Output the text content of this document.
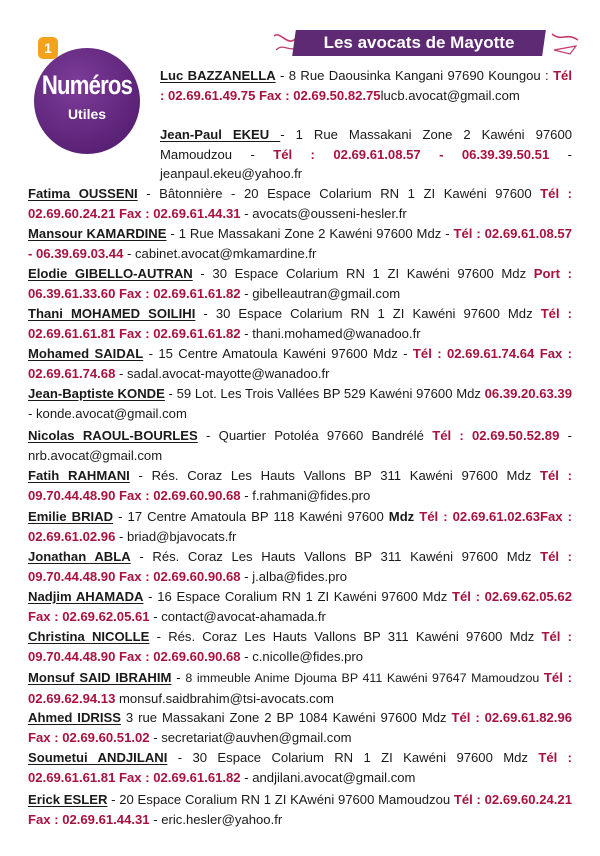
1
Numéros
Utiles
Les avocats de Mayotte
Luc BAZZANELLA - 8 Rue Daousinka Kangani 97690 Koungou : Tél : 02.69.61.49.75 Fax : 02.69.50.82.75lucb.avocat@gmail.com
Jean-Paul EKEU - 1 Rue Massakani Zone 2 Kawéni 97600 Mamoudzou - Tél : 02.69.61.08.57 - 06.39.39.50.51 - jeanpaul.ekeu@yahoo.fr
Fatima OUSSENI - Bâtonnière - 20 Espace Colarium RN 1 ZI Kawéni 97600 Tél : 02.69.60.24.21 Fax : 02.69.61.44.31 - avocats@ousseni-hesler.fr
Mansour KAMARDINE - 1 Rue Massakani Zone 2 Kawéni 97600 Mdz - Tél : 02.69.61.08.57 - 06.39.69.03.44 - cabinet.avocat@mkamardine.fr
Elodie GIBELLO-AUTRAN - 30 Espace Colarium RN 1 ZI Kawéni 97600 Mdz Port : 06.39.61.33.60 Fax : 02.69.61.61.82 - gibelleautran@gmail.com
Thani MOHAMED SOILIHI - 30 Espace Colarium RN 1 ZI Kawéni 97600 Mdz Tél : 02.69.61.61.81 Fax : 02.69.61.61.82 - thani.mohamed@wanadoo.fr
Mohamed SAIDAL - 15 Centre Amatoula Kawéni 97600 Mdz - Tél : 02.69.61.74.64 Fax : 02.69.61.74.68 - sadal.avocat-mayotte@wanadoo.fr
Jean-Baptiste KONDE - 59 Lot. Les Trois Vallées BP 529 Kawéni 97600 Mdz 06.39.20.63.39 - konde.avocat@gmail.com
Nicolas RAOUL-BOURLES - Quartier Potoléa 97660 Bandrélé Tél : 02.69.50.52.89 - nrb.avocat@gmail.com
Fatih RAHMANI - Rés. Coraz Les Hauts Vallons BP 311 Kawéni 97600 Mdz Tél : 09.70.44.48.90 Fax : 02.69.60.90.68 - f.rahmani@fides.pro
Emilie BRIAD - 17 Centre Amatoula BP 118 Kawéni 97600 Mdz Tél : 02.69.61.02.63Fax : 02.69.61.02.96 - briad@bjavocats.fr
Jonathan ABLA - Rés. Coraz Les Hauts Vallons BP 311 Kawéni 97600 Mdz Tél : 09.70.44.48.90 Fax : 02.69.60.90.68 - j.alba@fides.pro
Nadjim AHAMADA - 16 Espace Coralium RN 1 ZI Kawéni 97600 Mdz Tél : 02.69.62.05.62 Fax : 02.69.62.05.61 - contact@avocat-ahamada.fr
Christina NICOLLE - Rés. Coraz Les Hauts Vallons BP 311 Kawéni 97600 Mdz Tél : 09.70.44.48.90 Fax : 02.69.60.90.68 - c.nicolle@fides.pro
Monsuf SAID IBRAHIM - 8 immeuble Anime Djouma BP 411 Kawéni 97647 Mamoudzou Tél : 02.69.62.94.13 monsuf.saidbrahim@tsi-avocats.com
Ahmed IDRISS 3 rue Massakani Zone 2 BP 1084 Kawéni 97600 Mdz Tél : 02.69.61.82.96 Fax : 02.69.60.51.02 - secretariat@auvhen@gmail.com
Soumetui ANDJILANI - 30 Espace Colarium RN 1 ZI Kawéni 97600 Mdz Tél : 02.69.61.61.81 Fax : 02.69.61.61.82 - andjilani.avocat@gmail.com
Erick ESLER - 20 Espace Coralium RN 1 ZI KAwéni 97600 Mamoudzou Tél : 02.69.60.24.21 Fax : 02.69.61.44.31 - eric.hesler@yahoo.fr
